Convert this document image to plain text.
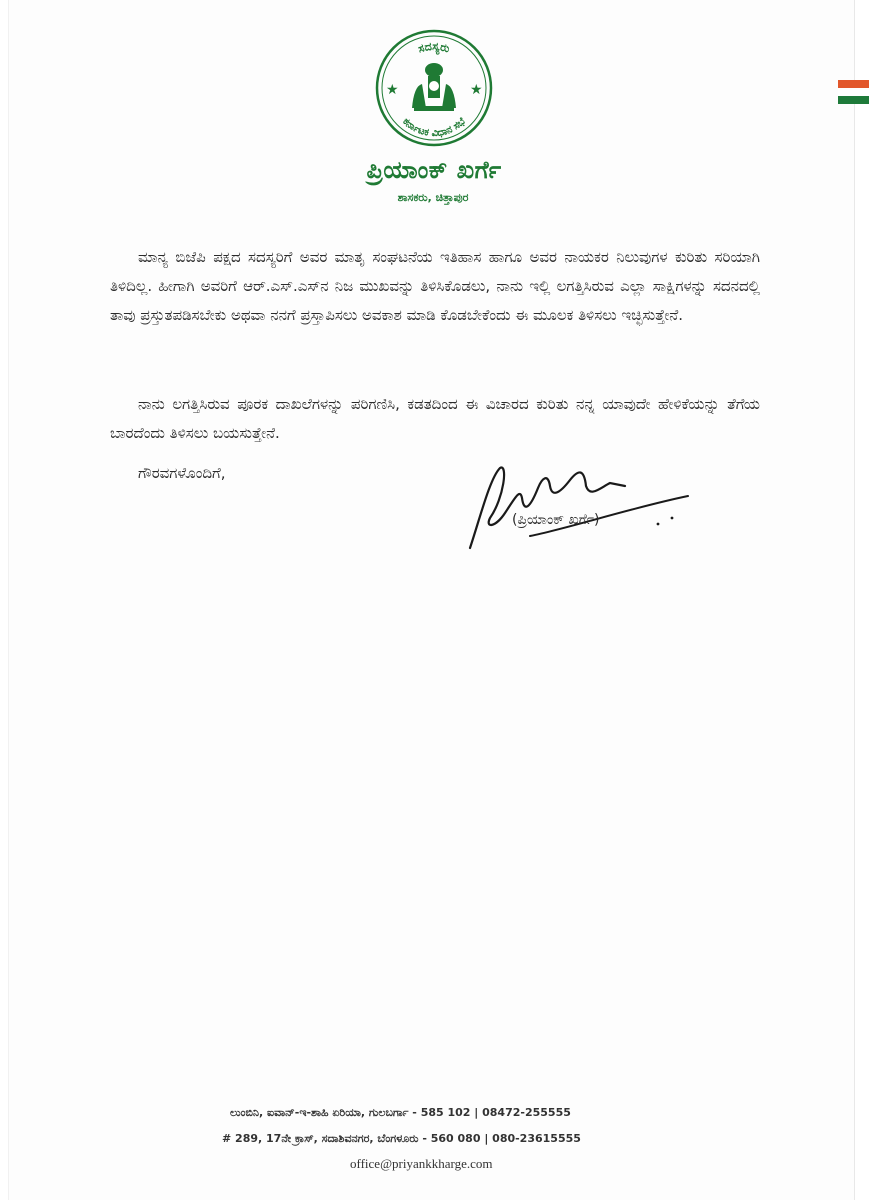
ಸದಸ್ಯರು
ಕರ್ನಾಟಕ ವಿಧಾನ ಸಭೆ
★	★
ಪ್ರಿಯಾಂಕ್ ಖರ್ಗೆ
ಶಾಸಕರು, ಚಿತ್ತಾಪುರ

ಮಾನ್ಯ ಬಿಜೆಪಿ ಪಕ್ಷದ ಸದಸ್ಯರಿಗೆ ಅವರ ಮಾತೃ ಸಂಘಟನೆಯ ಇತಿಹಾಸ ಹಾಗೂ ಅವರ ನಾಯಕರ ನಿಲುವುಗಳ ಕುರಿತು ಸರಿಯಾಗಿ ತಿಳಿದಿಲ್ಲ. ಹೀಗಾಗಿ ಅವರಿಗೆ ಆರ್.ಎಸ್.ಎಸ್‌ನ ನಿಜ ಮುಖವನ್ನು ತಿಳಿಸಿಕೊಡಲು, ನಾನು ಇಲ್ಲಿ ಲಗತ್ತಿಸಿರುವ ಎಲ್ಲಾ ಸಾಕ್ಷಿಗಳನ್ನು ಸದನದಲ್ಲಿ ತಾವು ಪ್ರಸ್ತುತಪಡಿಸಬೇಕು ಅಥವಾ ನನಗೆ ಪ್ರಸ್ತಾಪಿಸಲು ಅವಕಾಶ ಮಾಡಿ ಕೊಡಬೇಕೆಂದು ಈ ಮೂಲಕ ತಿಳಿಸಲು ಇಚ್ಛಿಸುತ್ತೇನೆ.

ನಾನು ಲಗತ್ತಿಸಿರುವ ಪೂರಕ ದಾಖಲೆಗಳನ್ನು ಪರಿಗಣಿಸಿ, ಕಡತದಿಂದ ಈ ವಿಚಾರದ ಕುರಿತು ನನ್ನ ಯಾವುದೇ ಹೇಳಿಕೆಯನ್ನು ತೆಗೆಯ ಬಾರದೆಂದು ತಿಳಿಸಲು ಬಯಸುತ್ತೇನೆ.

ಗೌರವಗಳೊಂದಿಗೆ,
(ಪ್ರಿಯಾಂಕ್ ಖರ್ಗೆ)
ಲುಂಬಿನಿ, ಐವಾನ್-ಇ-ಶಾಹಿ ಏರಿಯಾ, ಗುಲಬರ್ಗಾ - 585 102 | 08472-255555
# 289, 17ನೇ ಕ್ರಾಸ್, ಸದಾಶಿವನಗರ, ಬೆಂಗಳೂರು - 560 080 | 080-23615555
office@priyankkharge.com
